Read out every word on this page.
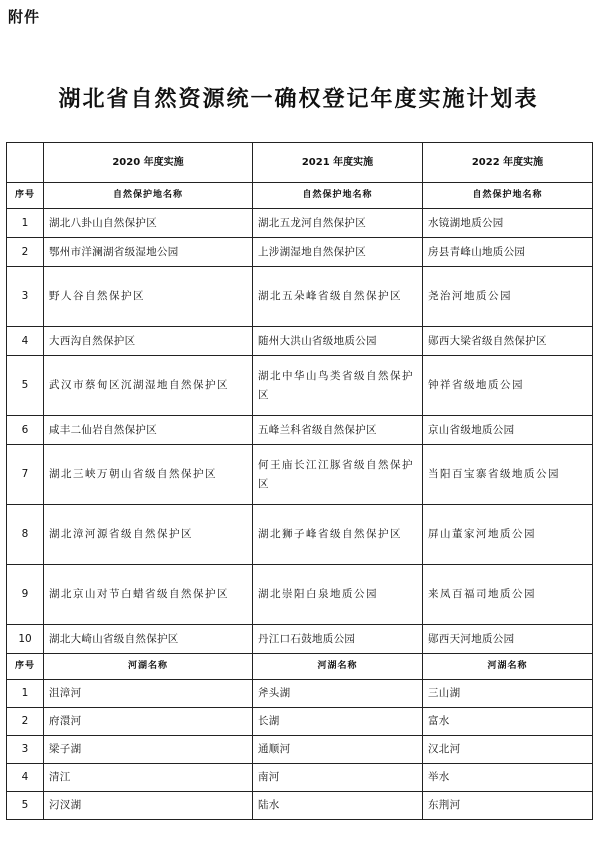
附件
湖北省自然资源统一确权登记年度实施计划表
	2020 年度实施	2021 年度实施	2022 年度实施
序号	自然保护地名称	自然保护地名称	自然保护地名称
1	湖北八卦山自然保护区	湖北五龙河自然保护区	水镜湖地质公园
2	鄂州市洋澜湖省级湿地公园	上涉湖湿地自然保护区	房县青峰山地质公园
3	野人谷自然保护区	湖北五朵峰省级自然保护区	尧治河地质公园
4	大西沟自然保护区	随州大洪山省级地质公园	郧西大梁省级自然保护区
5	武汉市蔡甸区沉湖湿地自然保护区	湖北中华山鸟类省级自然保护区	钟祥省级地质公园
6	咸丰二仙岩自然保护区	五峰兰科省级自然保护区	京山省级地质公园
7	湖北三峡万朝山省级自然保护区	何王庙长江江豚省级自然保护区	当阳百宝寨省级地质公园
8	湖北漳河源省级自然保护区	湖北狮子峰省级自然保护区	屏山董家河地质公园
9	湖北京山对节白蜡省级自然保护区	湖北崇阳白泉地质公园	来凤百福司地质公园
10	湖北大崎山省级自然保护区	丹江口石鼓地质公园	郧西天河地质公园
序号	河湖名称	河湖名称	河湖名称
1	沮漳河	斧头湖	三山湖
2	府澴河	长湖	富水
3	梁子湖	通顺河	汉北河
4	清江	南河	举水
5	汈汊湖	陆水	东荆河
